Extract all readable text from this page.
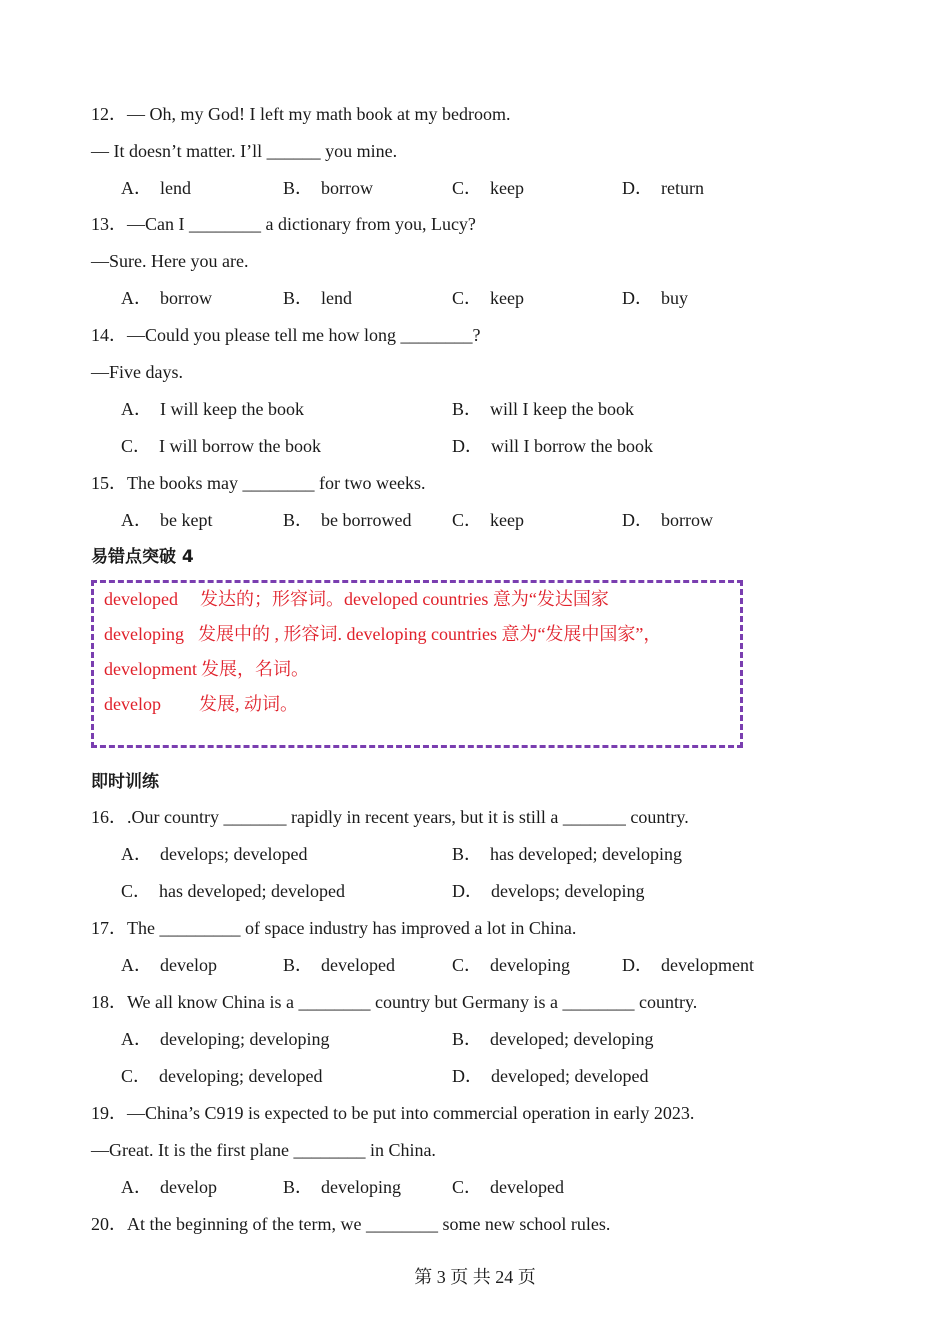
12．— Oh, my God! I left my math book at my bedroom.
— It doesn’t matter. I’ll ______ you mine.
A． lend	B． borrow	C． keep	D． return
13．—Can I ________ a dictionary from you, Lucy?
—Sure. Here you are.
A． borrow	B． lend	C． keep	D． buy
14．—Could you please tell me how long ________?
—Five days.
A． I will keep the book	B． will I keep the book
C． I will borrow the book	D． will I borrow the book
15．The books may ________ for two weeks.
A． be kept	B． be borrowed C． keep	D． borrow
易错点突破 4
developed 发达的；形容词。developed countries 意为“发达国家
developing 发展中的 , 形容词. developing countries 意为“发展中国家”，
development 发展，名词。
develop 发展, 动词。
即时训练
16．.Our country _______ rapidly in recent years, but it is still a _______ country.
A． develops; developed	B． has developed; developing
C． has developed; developed	D． develops; developing
17．The _________ of space industry has improved a lot in China.
A． develop	B． developed	C． developing	D． development
18．We all know China is a ________ country but Germany is a ________ country.
A． developing; developing	B． developed; developing
C． developing; developed	D． developed; developed
19．—China’s C919 is expected to be put into commercial operation in early 2023.
—Great. It is the first plane ________ in China.
A． develop	B． developing	C． developed
20．At the beginning of the term, we ________ some new school rules.
第 3 页 共 24 页
